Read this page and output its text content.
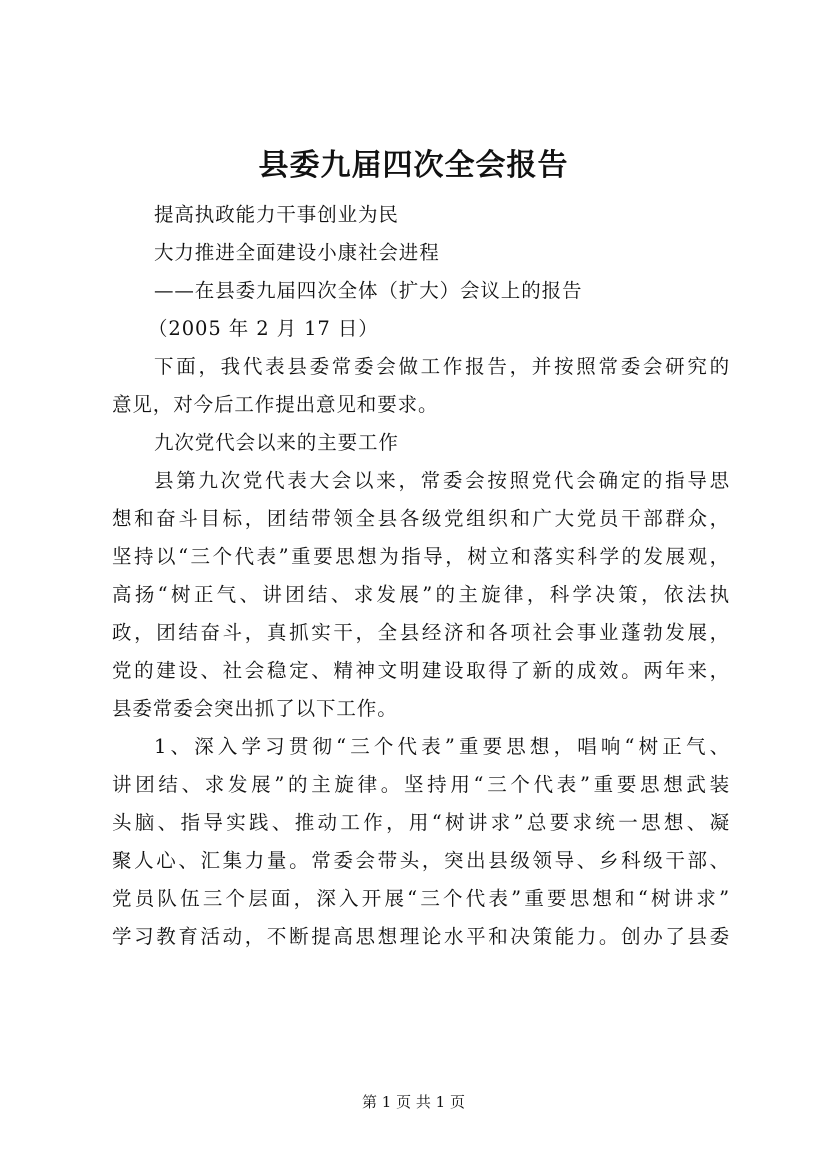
县委九届四次全会报告
提高执政能力干事创业为民
大力推进全面建设小康社会进程
——在县委九届四次全体（扩大）会议上的报告
（2005 年 2 月 17 日）
下面，我代表县委常委会做工作报告，并按照常委会研究的
意见，对今后工作提出意见和要求。
九次党代会以来的主要工作
县第九次党代表大会以来，常委会按照党代会确定的指导思
想和奋斗目标，团结带领全县各级党组织和广大党员干部群众，
坚持以“三个代表”重要思想为指导，树立和落实科学的发展观，
高扬“树正气、讲团结、求发展”的主旋律，科学决策，依法执
政，团结奋斗，真抓实干，全县经济和各项社会事业蓬勃发展，
党的建设、社会稳定、精神文明建设取得了新的成效。两年来，
县委常委会突出抓了以下工作。
1、深入学习贯彻“三个代表”重要思想，唱响“树正气、
讲团结、求发展”的主旋律。坚持用“三个代表”重要思想武装
头脑、指导实践、推动工作，用“树讲求”总要求统一思想、凝
聚人心、汇集力量。常委会带头，突出县级领导、乡科级干部、
党员队伍三个层面，深入开展“三个代表”重要思想和“树讲求”
学习教育活动，不断提高思想理论水平和决策能力。创办了县委
第 1 页 共 1 页
